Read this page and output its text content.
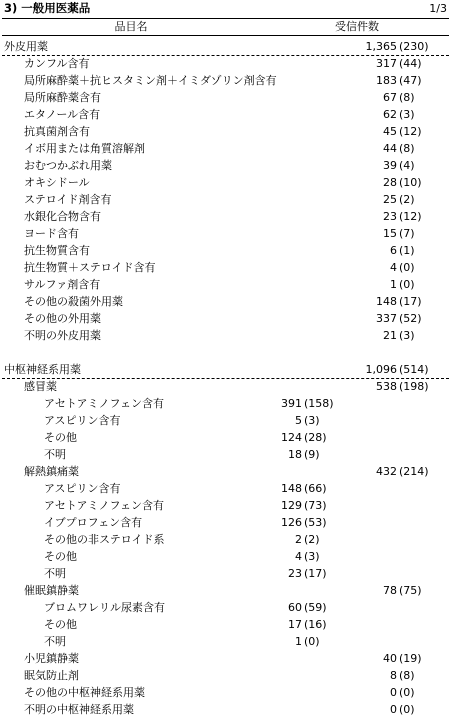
3) 一般用医薬品	1/3
品目名	受信件数
外皮用薬	1,365 (230)
カンフル含有	317 (44)
局所麻酔薬＋抗ヒスタミン剤＋イミダゾリン剤含有	183 (47)
局所麻酔薬含有	67 (8)
エタノール含有	62 (3)
抗真菌剤含有	45 (12)
イボ用または角質溶解剤	44 (8)
おむつかぶれ用薬	39 (4)
オキシドール	28 (10)
ステロイド剤含有	25 (2)
水銀化合物含有	23 (12)
ヨード含有	15 (7)
抗生物質含有	6 (1)
抗生物質＋ステロイド含有	4 (0)
サルファ剤含有	1 (0)
その他の殺菌外用薬	148 (17)
その他の外用薬	337 (52)
不明の外皮用薬	21 (3)
中枢神経系用薬	1,096 (514)
感冒薬	538 (198)
アセトアミノフェン含有	391 (158)
アスピリン含有	5 (3)
その他	124 (28)
不明	18 (9)
解熱鎮痛薬	432 (214)
アスピリン含有	148 (66)
アセトアミノフェン含有	129 (73)
イブプロフェン含有	126 (53)
その他の非ステロイド系	2 (2)
その他	4 (3)
不明	23 (17)
催眠鎮静薬	78 (75)
ブロムワレリル尿素含有	60 (59)
その他	17 (16)
不明	1 (0)
小児鎮静薬	40 (19)
眠気防止剤	8 (8)
その他の中枢神経系用薬	0 (0)
不明の中枢神経系用薬	0 (0)
